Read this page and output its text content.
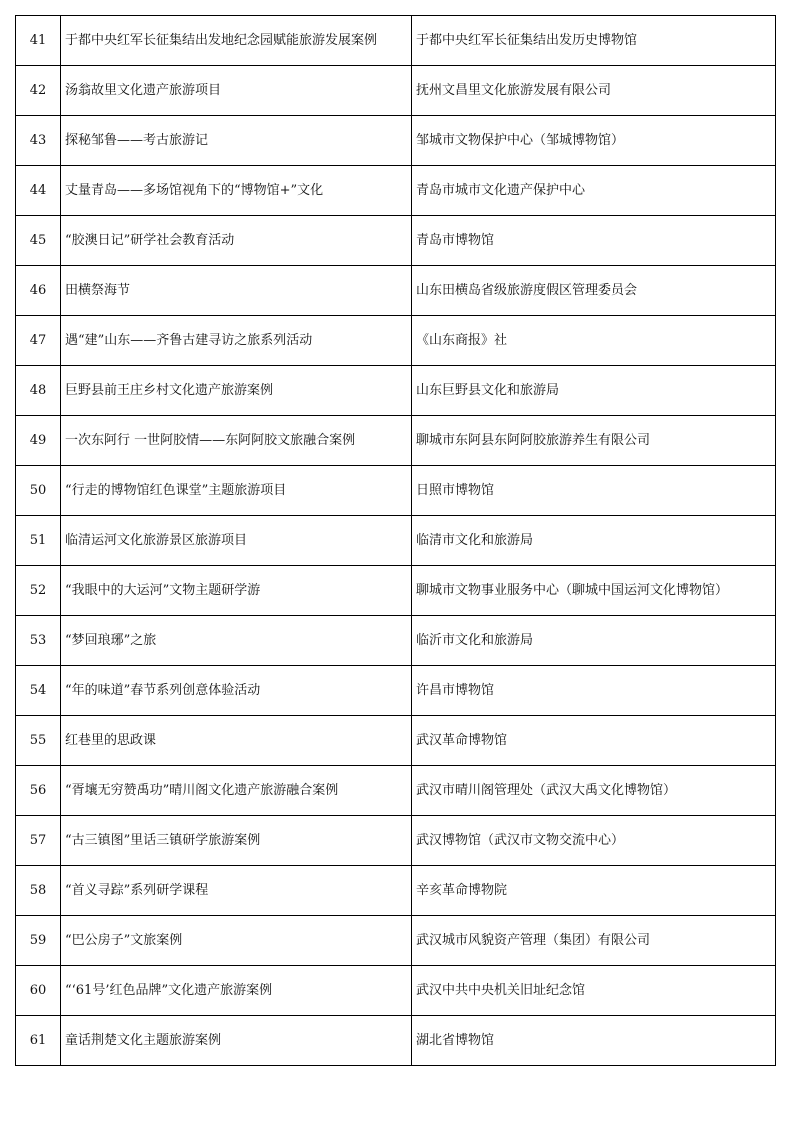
41	于都中央红军长征集结出发地纪念园赋能旅游发展案例	于都中央红军长征集结出发历史博物馆
42	汤翁故里文化遗产旅游项目	抚州文昌里文化旅游发展有限公司
43	探秘邹鲁——考古旅游记	邹城市文物保护中心（邹城博物馆）
44	丈量青岛——多场馆视角下的“博物馆+”文化	青岛市城市文化遗产保护中心
45	“胶澳日记”研学社会教育活动	青岛市博物馆
46	田横祭海节	山东田横岛省级旅游度假区管理委员会
47	遇“建”山东——齐鲁古建寻访之旅系列活动	《山东商报》社
48	巨野县前王庄乡村文化遗产旅游案例	山东巨野县文化和旅游局
49	一次东阿行 一世阿胶情——东阿阿胶文旅融合案例	聊城市东阿县东阿阿胶旅游养生有限公司
50	“行走的博物馆红色课堂”主题旅游项目	日照市博物馆
51	临清运河文化旅游景区旅游项目	临清市文化和旅游局
52	“我眼中的大运河”文物主题研学游	聊城市文物事业服务中心（聊城中国运河文化博物馆）
53	“梦回琅琊”之旅	临沂市文化和旅游局
54	“年的味道”春节系列创意体验活动	许昌市博物馆
55	红巷里的思政课	武汉革命博物馆
56	“胥壤无穷赞禹功”晴川阁文化遗产旅游融合案例	武汉市晴川阁管理处（武汉大禹文化博物馆）
57	“古三镇图”里话三镇研学旅游案例	武汉博物馆（武汉市文物交流中心）
58	“首义寻踪”系列研学课程	辛亥革命博物院
59	“巴公房子”文旅案例	武汉城市风貌资产管理（集团）有限公司
60	“‘61号’红色品牌”文化遗产旅游案例	武汉中共中央机关旧址纪念馆
61	童话荆楚文化主题旅游案例	湖北省博物馆
